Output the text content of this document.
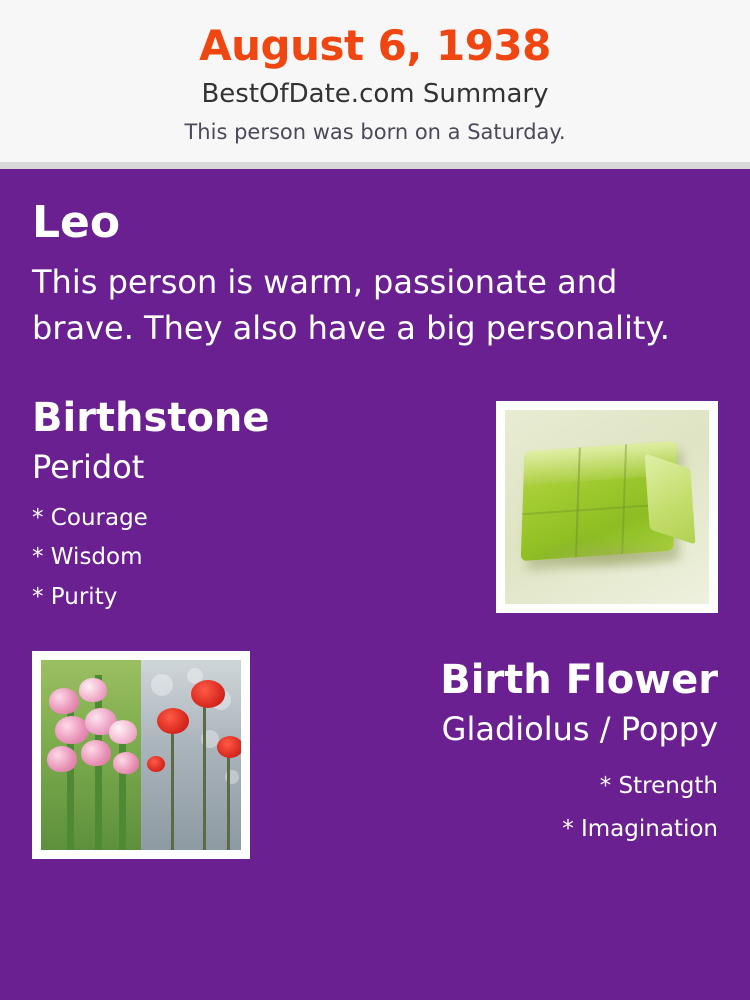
August 6, 1938
BestOfDate.com Summary
This person was born on a Saturday.
Leo
This person is warm, passionate and brave. They also have a big personality.
Birthstone
Peridot
* Courage
* Wisdom
* Purity
Birth Flower
Gladiolus / Poppy
* Strength
* Imagination
